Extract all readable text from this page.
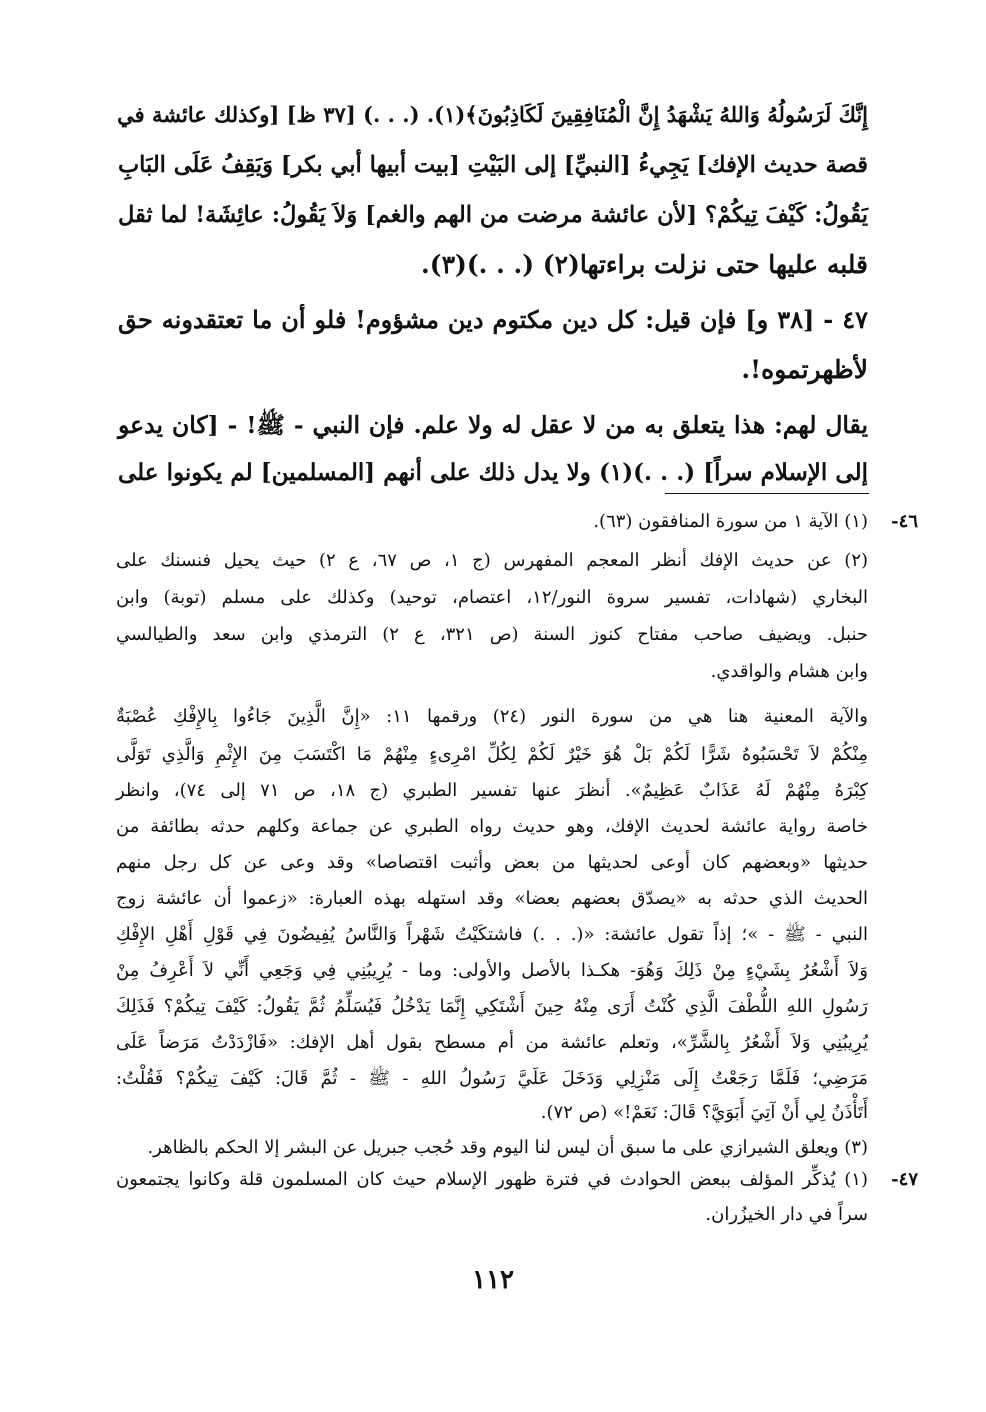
إِنَّكَ لَرَسُولُهُ وَاللهُ يَشْهَدُ إِنَّ الْمُنَافِقِينَ لَكَاذِبُونَ﴾(١). (. . .) [٣٧ ظ] [وكذلك عائشة في
قصة حديث الإفك] يَجِيءُ [النبيِّ] إلى البَيْتِ [بيت أبيها أبي بكر] وَيَقِفُ عَلَى البَابِ
يَقُولُ: كَيْفَ تِيكُمْ؟ [لأن عائشة مرضت من الهم والغم] وَلاَ يَقُولُ: عائِشَة! لما ثقل
قلبه عليها حتى نزلت براءتها(٢) (. . .)(٣).
٤٧ - [٣٨ و] فإن قيل: كل دين مكتوم دين مشؤوم! فلو أن ما تعتقدونه حق
لأظهرتموه!.
يقال لهم: هذا يتعلق به من لا عقل له ولا علم. فإن النبي - ﷺ! - [كان يدعو
إلى الإسلام سراً] (. . .)(١) ولا يدل ذلك على أنهم [المسلمين] لم يكونوا على
٤٦-
٤٧-
(١) الآية ١ من سورة المنافقون (٦٣).
(٢) عن حديث الإفك أنظر المعجم المفهرس (ج ١، ص ٦٧، ع ٢) حيث يحيل فنسنك على
البخاري (شهادات، تفسير سروة النور/١٢، اعتصام، توحيد) وكذلك على مسلم (توبة) وابن
حنبل. ويضيف صاحب مفتاح كنوز السنة (ص ٣٢١، ع ٢) الترمذي وابن سعد والطيالسي
وابن هشام والواقدي.
والآية المعنية هنا هي من سورة النور (٢٤) ورقمها ١١: «إِنَّ الَّذِينَ جَاءُوا بِالإِفْكِ عُصْبَةٌ
مِنْكُمْ لاَ تَحْسَبُوهُ شَرًّا لَكُمْ بَلْ هُوَ خَيْرٌ لَكُمْ لِكُلِّ امْرِىءٍ مِنْهُمْ مَا اكْتَسَبَ مِنَ الإِثْمِ وَالَّذِي تَوَلَّى
كِبْرَهُ مِنْهُمْ لَهُ عَذَابٌ عَظِيمٌ». أنظرَ عنها تفسير الطبري (ج ١٨، ص ٧١ إلى ٧٤)، وانظر
خاصة رواية عائشة لحديث الإفك، وهو حديث رواه الطبري عن جماعة وكلهم حدثه بطائفة من
حديثها «وبعضهم كان أوعى لحديثها من بعض وأثبت اقتصاصا» وقد وعى عن كل رجل منهم
الحديث الذي حدثه به «يصدّق بعضهم بعضا» وقد استهله بهذه العبارة: «زعموا أن عائشة زوج
النبي - ﷺ - »؛ إذاً تقول عائشة: «(. . .) فاشتكَيْتُ شَهْراً وَالنَّاسُ يُفِيضُونَ فِي قَوْلِ أَهْلِ الإِفْكِ
وَلاَ أَشْعُرُ بِشَيْءٍ مِنْ ذَلِكَ وَهُوَ- هكـذا بالأصل والأولى: وما - يُرِيبُنِي فِي وَجَعِي أَنِّي لاَ أَعْرِفُ مِنْ
رَسُولِ اللهِ اللُّطْفَ الَّذِي كُنْتُ أَرَى مِنْهُ حِينَ أَشْتَكِي إِنَّمَا يَدْخُلُ فَيُسَلِّمُ ثُمَّ يَقُولُ: كَيْفَ تِيكُمْ؟ فَذَلِكَ
يُرِيبُنِي وَلاَ أَشْعُرُ بِالشَّرِّ»، وتعلم عائشة من أم مسطح بقول أهل الإفك: «فَازْدَدْتُ مَرَضاً عَلَى
مَرَضِي؛ فَلَمَّا رَجَعْتُ إِلَى مَنْزِلِي وَدَخَلَ عَلَيَّ رَسُولُ اللهِ - ﷺ - ثُمَّ قَالَ: كَيْفَ تِيكُمْ؟ فَقُلْتُ:
أَتَأْذَنُ لِي أَنْ آتِيَ أَبَوَيَّ؟ قَالَ: نَعَمْ!» (ص ٧٢).
(٣) ويعلق الشيرازي على ما سبق أن ليس لنا اليوم وقد حُجب جبريل عن البشر إلا الحكم بالظاهر.
(١) يُذكِّر المؤلف ببعض الحوادث في فترة ظهور الإسلام حيث كان المسلمون قلة وكانوا يجتمعون
سراً في دار الخيزُران.
١١٢
